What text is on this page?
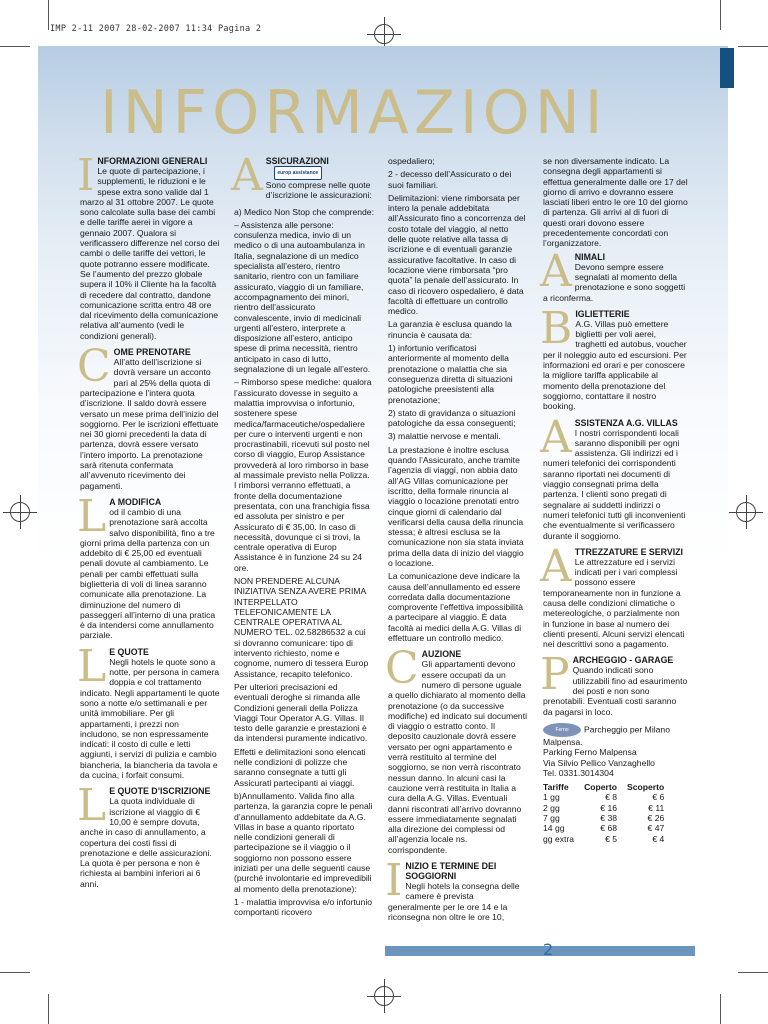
IMP 2-11 2007 28-02-2007 11:34 Pagina 2
INFORMAZIONI
I NFORMAZIONI GENERALI

Le quote di partecipazione, i supplementi, le riduzioni e le spese extra sono valide dal 1 marzo al 31 ottobre 2007. Le quote sono calcolate sulla base dei cambi e delle tariffe aerei in vigore a gennaio 2007. Qualora si verificassero differenze nel corso dei cambi o delle tariffe dei vettori, le quote potranno essere modificate. Se l’aumento del prezzo globale supera il 10% il Cliente ha la facoltà di recedere dal contratto, dandone comunicazione scritta entro 48 ore dal ricevimento della comunicazione relativa all’aumento (vedi le condizioni generali).

C OME PRENOTARE

All’atto dell’iscrizione si dovrà versare un acconto pari al 25% della quota di partecipazione e l’intera quota d’iscrizione. Il saldo dovrà essere versato un mese prima dell’inizio del soggiorno. Per le iscrizioni effettuate nei 30 giorni precedenti la data di partenza, dovrà essere versato l’intero importo. La prenotazione sarà ritenuta confermata all’avvenuto ricevimento dei pagamenti.

L A MODIFICA

od il cambio di una prenotazione sarà accolta salvo disponibilità, fino a tre giorni prima della partenza con un addebito di € 25,00 ed eventuali penali dovute al cambiamento. Le penali per cambi effettuati sulla biglietteria di voli di linea saranno comunicate alla prenotazione. La diminuzione del numero di passeggeri all’interno di una pratica è da intendersi come annullamento parziale.

L E QUOTE

Negli hotels le quote sono a notte, per persona in camera doppia e col trattamento indicato. Negli appartamenti le quote sono a notte e/o settimanali e per unità immobiliare. Per gli appartamenti, i prezzi non includono, se non espressamente indicati: il costo di culle e letti aggiunti, i servizi di pulizia e cambio biancheria, la biancheria da tavola e da cucina, i forfait consumi.

L E QUOTE D’ISCRIZIONE

La quota individuale di iscrizione al viaggio di € 10,00 è sempre dovuta, anche in caso di annullamento, a copertura dei costi fissi di prenotazione e delle assicurazioni. La quota è per persona e non è richiesta ai bambini inferiori ai 6 anni.

A SSICURAZIONIeurop assistance

Sono comprese nelle quote d’iscrizione le assicurazioni:

a) Medico Non Stop che comprende:

– Assistenza alle persone: consulenza medica, invio di un medico o di una autoambulanza in Italia, segnalazione di un medico specialista all’estero, rientro sanitario, rientro con un familiare assicurato, viaggio di un familiare, accompagnamento dei minori, rientro dell’assicurato convalescente, invio di medicinali urgenti all’estero, interprete a disposizione all’estero, anticipo spese di prima necessità, rientro anticipato in caso di lutto, segnalazione di un legale all’estero.

– Rimborso spese mediche: qualora l’assicurato dovesse in seguito a malattia improvvisa o infortunio, sostenere spese medica/farmaceutiche/ospedaliere per cure o interventi urgenti e non procrastinabili, ricevuti sul posto nel corso di viaggio, Europ Assistance provvederà al loro rimborso in base al massimale previsto nella Polizza. I rimborsi verranno effettuati, a fronte della documentazione presentata, con una franchigia fissa ed assoluta per sinistro e per Assicurato di € 35,00. In caso di necessità, dovunque ci si trovi, la centrale operativa di Europ Assistance è in funzione 24 su 24 ore.

NON PRENDERE ALCUNA INIZIATIVA SENZA AVERE PRIMA INTERPELLATO TELEFONICAMENTE LA CENTRALE OPERATIVA AL NUMERO TEL. 02.58286532 a cui si dovranno comunicare: tipo di intervento richiesto, nome e cognome, numero di tessera Europ Assistance, recapito telefonico.

Per ulteriori precisazioni ed eventuali deroghe si rimanda alle Condizioni generali della Polizza Viaggi Tour Operator A.G. Villas. Il testo delle garanzie e prestazioni è da intendersi puramente indicativo.

Effetti e delimitazioni sono elencati nelle condizioni di polizze che saranno consegnate a tutti gli Assicurati partecipanti ai viaggi.

b)Annullamento. Valida fino alla partenza, la garanzia copre le penali d’annullamento addebitate da A.G. Villas in base a quanto riportato nelle condizioni generali di partecipazione se il viaggio o il soggiorno non possono essere iniziati per una delle seguenti cause (purché involontarie ed imprevedibili al momento della prenotazione):

1 - malattia improvvisa e/o infortunio comportanti ricovero

ospedaliero;

2 - decesso dell’Assicurato o dei suoi familiari.

Delimitazioni: viene rimborsata per intero la penale addebitata all’Assicurato fino a concorrenza del costo totale del viaggio, al netto delle quote relative alla tassa di iscrizione e di eventuali garanzie assicurative facoltative. In caso di locazione viene rimborsata “pro quota” la penale dell’assicurato. In caso di ricovero ospedaliero, è data facoltà di effettuare un controllo medico.

La garanzia è esclusa quando la rinuncia è causata da:

1) infortunio verificatosi anteriormente al momento della prenotazione o malattia che sia conseguenza diretta di situazioni patologiche preesistenti alla prenotazione;

2) stato di gravidanza o situazioni patologiche da essa conseguenti;

3) malattie nervose e mentali.

La prestazione è inoltre esclusa quando l’Assicurato, anche tramite l’agenzia di viaggi, non abbia dato all’AG Villas comunicazione per iscritto, della formale rinuncia al viaggio o locazione prenotati entro cinque giorni di calendario dal verificarsi della causa della rinuncia stessa; è altresì esclusa se la comunicazione non sia stata inviata prima della data di inizio del viaggio o locazione.

La comunicazione deve indicare la causa dell’annullamento ed essere corredata dalla documentazione comprovente l’effettiva impossibilità a partecipare al viaggio. È data facoltà ai medici della A.G. Villas di effettuare un controllo medico.

C AUZIONE

Gli appartamenti devono essere occupati da un numero di persone uguale a quello dichiarato al momento della prenotazione (o da successive modifiche) ed indicato sui documenti di viaggio o estratto conto. Il deposito cauzionale dovrà essere versato per ogni appartamento e verrà restituito al termine del soggiorno, se non verrà riscontrato nessun danno. In alcuni casi la cauzione verrà restituita in Italia a cura della A.G. Villas. Eventuali danni riscontrati all’arrivo dovranno essere immediatamente segnalati alla direzione dei complessi od all’agenzia locale ns. corrispondente.

I NIZIO E TERMINE DEI SOGGIORNI

Negli hotels la consegna delle camere è prevista generalmente per le ore 14 e la riconsegna non oltre le ore 10,

se non diversamente indicato. La consegna degli appartamenti si effettua generalmente dalle ore 17 del giorno di arrivo e dovranno essere lasciati liberi entro le ore 10 del giorno di partenza. Gli arrivi al di fuori di questi orari dovono essere precedentemente concordati con l’organizzatore.

A NIMALI

Devono sempre essere segnalati al momento della prenotazione e sono soggetti a riconferma.

B IGLIETTERIE

A.G. Villas può emettere biglietti per voli aerei, traghetti ed autobus, voucher per il noleggio auto ed escursioni. Per informazioni ed orari e per conoscere la migliore tariffa applicabile al momento della prenotazione del soggiorno, contattare il nostro booking.

A SSISTENZA A.G. VILLAS

I nostri corrispondenti locali saranno disponibili per ogni assistenza. Gli indirizzi ed i numeri telefonici dei corrispondenti saranno riportati nei documenti di viaggio consegnati prima della partenza. I clienti sono pregati di segnalare ai suddetti indirizzi o numeri telefonici tutti gli inconvenienti che eventualmente si verificassero durante il soggiorno.

A TTREZZATURE E SERVIZI

Le attrezzature ed i servizi indicati per i vari complessi possono essere temporaneamente non in funzione a causa delle condizioni climatiche o metereologiche, o parzialmente non in funzione in base al numero dei clienti presenti. Alcuni servizi elencati nei descrittivi sono a pagamento.

P ARCHEGGIO - GARAGE

Quando indicati sono utilizzabili fino ad esaurimento dei posti e non sono prenotabili. Eventuali costi saranno da pagarsi in loco.

Ferno Parcheggio per Milano Malpensa.

Parking Ferno Malpensa

Via Silvio Pellico Vanzaghello

Tel. 0331.3014304

Tariffe	Coperto	Scoperto
1 gg	€ 8	€ 6
2 gg	€ 16	€ 11
7 gg	€ 38	€ 26
14 gg	€ 68	€ 47
gg extra	€ 5	€ 4
2
